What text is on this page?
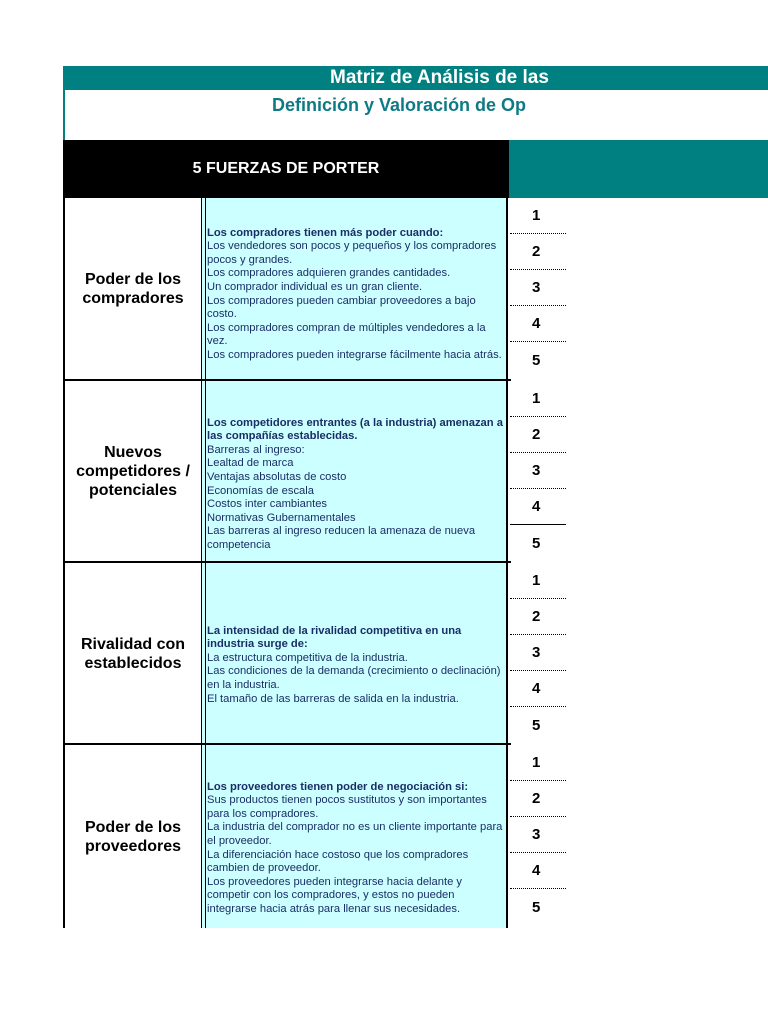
Matriz de Análisis de las
Definición y Valoración de Op
5 FUERZAS DE PORTER
Poder de los compradores

Los compradores tienen más poder cuando:

Los vendedores son pocos y pequeños y los compradores pocos y grandes.
Los compradores adquieren grandes cantidades.
Un comprador individual es un gran cliente.
Los compradores pueden cambiar proveedores a bajo costo.
Los compradores compran de múltiples vendedores a la vez.
Los compradores pueden integrarse fácilmente hacia atrás.

1
2
3
4
5
Nuevos competidores / potenciales

Los competidores entrantes (a la industria) amenazan a las compañías establecidas.

Barreras al ingreso:
Lealtad de marca
Ventajas absolutas de costo
Economías de escala
Costos inter cambiantes
Normativas Gubernamentales
Las barreras al ingreso reducen la amenaza de nueva competencia

1
2
3
4
5
Rivalidad con establecidos

La intensidad de la rivalidad competitiva en una industria surge de:

La estructura competitiva de la industria.
Las condiciones de la demanda (crecimiento o declinación) en la industria.
El tamaño de las barreras de salida en la industria.

1
2
3
4
5
Poder de los proveedores

Los proveedores tienen poder de negociación si:

Sus productos tienen pocos sustitutos y son importantes para los compradores.
La industria del comprador no es un cliente importante para el proveedor.
La diferenciación hace costoso que los compradores cambien de proveedor.
Los proveedores pueden integrarse hacia delante y competir con los compradores, y estos no pueden integrarse hacia atrás para llenar sus necesidades.

1
2
3
4
5
